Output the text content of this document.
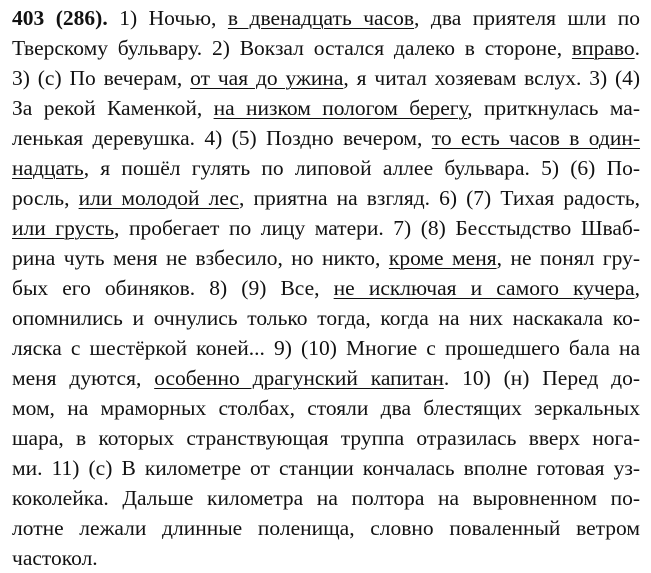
403 (286). 1) Ночью, в двенадцать часов, два приятеля шли по
Тверскому бульвару. 2) Вокзал остался далеко в стороне, вправо.
3) (с) По вечерам, от чая до ужина, я читал хозяевам вслух. 3) (4)
За рекой Каменкой, на низком пологом берегу, приткнулась ма-
ленькая деревушка. 4) (5) Поздно вечером, то есть часов в один-
надцать, я пошёл гулять по липовой аллее бульвара. 5) (6) По-
росль, или молодой лес, приятна на взгляд. 6) (7) Тихая радость,
или грусть, пробегает по лицу матери. 7) (8) Бесстыдство Шваб-
рина чуть меня не взбесило, но никто, кроме меня, не понял гру-
бых его обиняков. 8) (9) Все, не исключая и самого кучера,
опомнились и очнулись только тогда, когда на них наскакала ко-
ляска с шестёркой коней... 9) (10) Многие с прошедшего бала на
меня дуются, особенно драгунский капитан. 10) (н) Перед до-
мом, на мраморных столбах, стояли два блестящих зеркальных
шара, в которых странствующая труппа отразилась вверх нога-
ми. 11) (с) В километре от станции кончалась вполне готовая уз-
коколейка. Дальше километра на полтора на выровненном по-
лотне лежали длинные поленища, словно поваленный ветром
частокол.
